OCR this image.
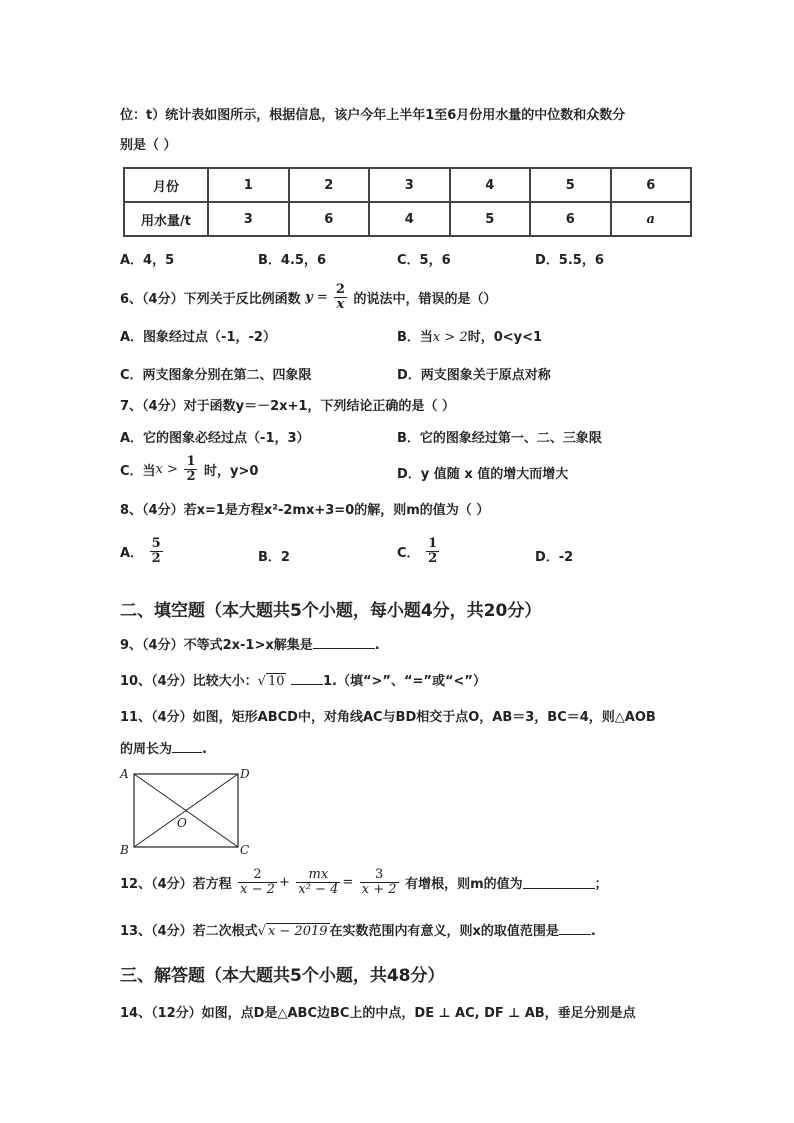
位：t）统计表如图所示，根据信息，该户今年上半年1至6月份用水量的中位数和众数分
别是（ ）
月份	1	2	3	4	5	6
用水量/t	3	6	4	5	6	a
A．4，5	B．4.5，6	C．5，6	D．5.5，6
6、（4分）下列关于反比例函数 $y = \frac{2}{x}$ 的说法中，错误的是（）
A．图象经过点（-1，-2）	B．当x > 2时，0<y<1
C．两支图象分别在第二、四象限	D．两支图象关于原点对称
7、（4分）对于函数y＝－2x+1，下列结论正确的是（ ）
A．它的图象必经过点（-1，3）	B．它的图象经过第一、二、三象限
C．当$x > \frac{1}{2}$ 时，y>0	D．y 值随 x 值的增大而增大
8、（4分）若x=1是方程x²-2mx+3=0的解，则m的值为（ ）
A． $\frac{5}{2}$	B．2	C． $\frac{1}{2}$	D．-2
二、填空题（本大题共5个小题，每小题4分，共20分）
9、（4分）不等式2x-1>x解集是	.
10、（4分）比较大小：√ 10	1.（填“>”、“=”或“<”）
11、（4分）如图，矩形ABCD中，对角线AC与BD相交于点O，AB＝3，BC＝4，则△AOB
的周长为 .
A	D
B	C
O
12、（4分）若方程 $\frac{2}{x - 2} + \frac{mx}{\text{x² − 4}} = \frac{3}{x + 2}$ 有增根，则m的值为	；
13、（4分）若二次根式√ x − 2019 在实数范围内有意义，则x的取值范围是 .
三、解答题（本大题共5个小题，共48分）
14、（12分）如图，点D是△ABC边BC上的中点，DE ⊥ AC, DF ⊥ AB，垂足分别是点
